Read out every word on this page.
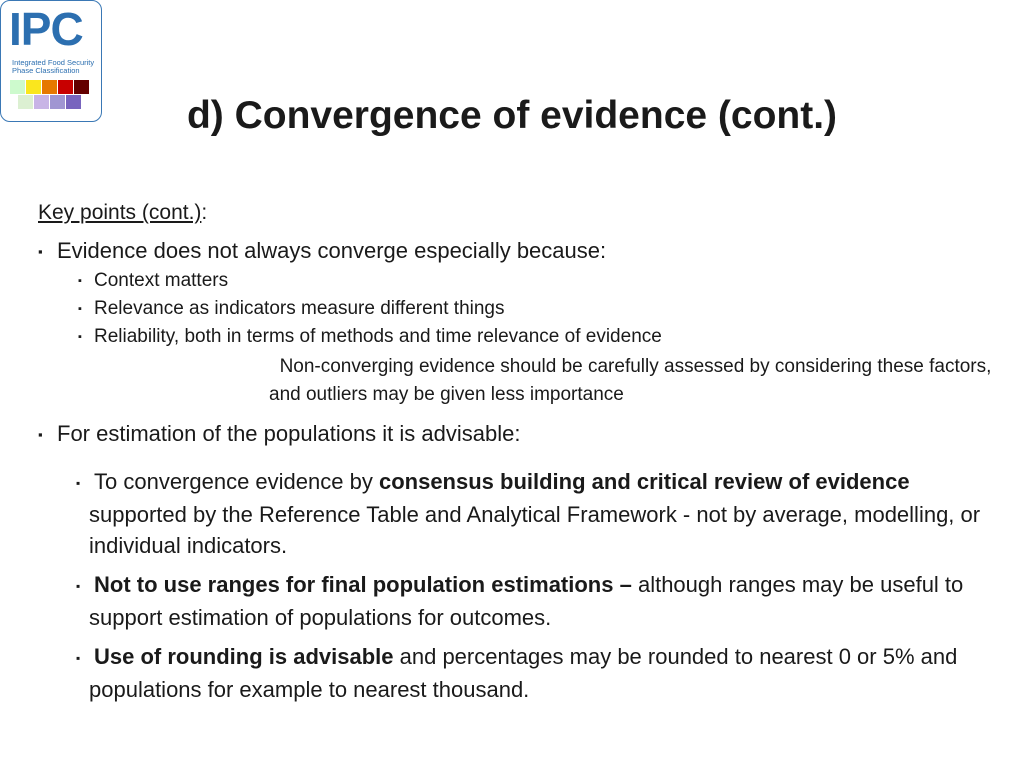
IPC
Integrated Food Security
Phase Classification
d) Convergence of evidence (cont.)
Key points (cont.):
▪ Evidence does not always converge especially because:
▪ Context matters
▪ Relevance as indicators measure different things
▪ Reliability, both in terms of methods and time relevance of evidence
Non-converging evidence should be carefully assessed by considering these factors, and outliers may be given less importance
▪ For estimation of the populations it is advisable:
▪ To convergence evidence by consensus building and critical review of evidence supported by the Reference Table and Analytical Framework - not by average, modelling, or individual indicators.
▪ Not to use ranges for final population estimations – although ranges may be useful to support estimation of populations for outcomes.
▪ Use of rounding is advisable and percentages may be rounded to nearest 0 or 5% and populations for example to nearest thousand.
